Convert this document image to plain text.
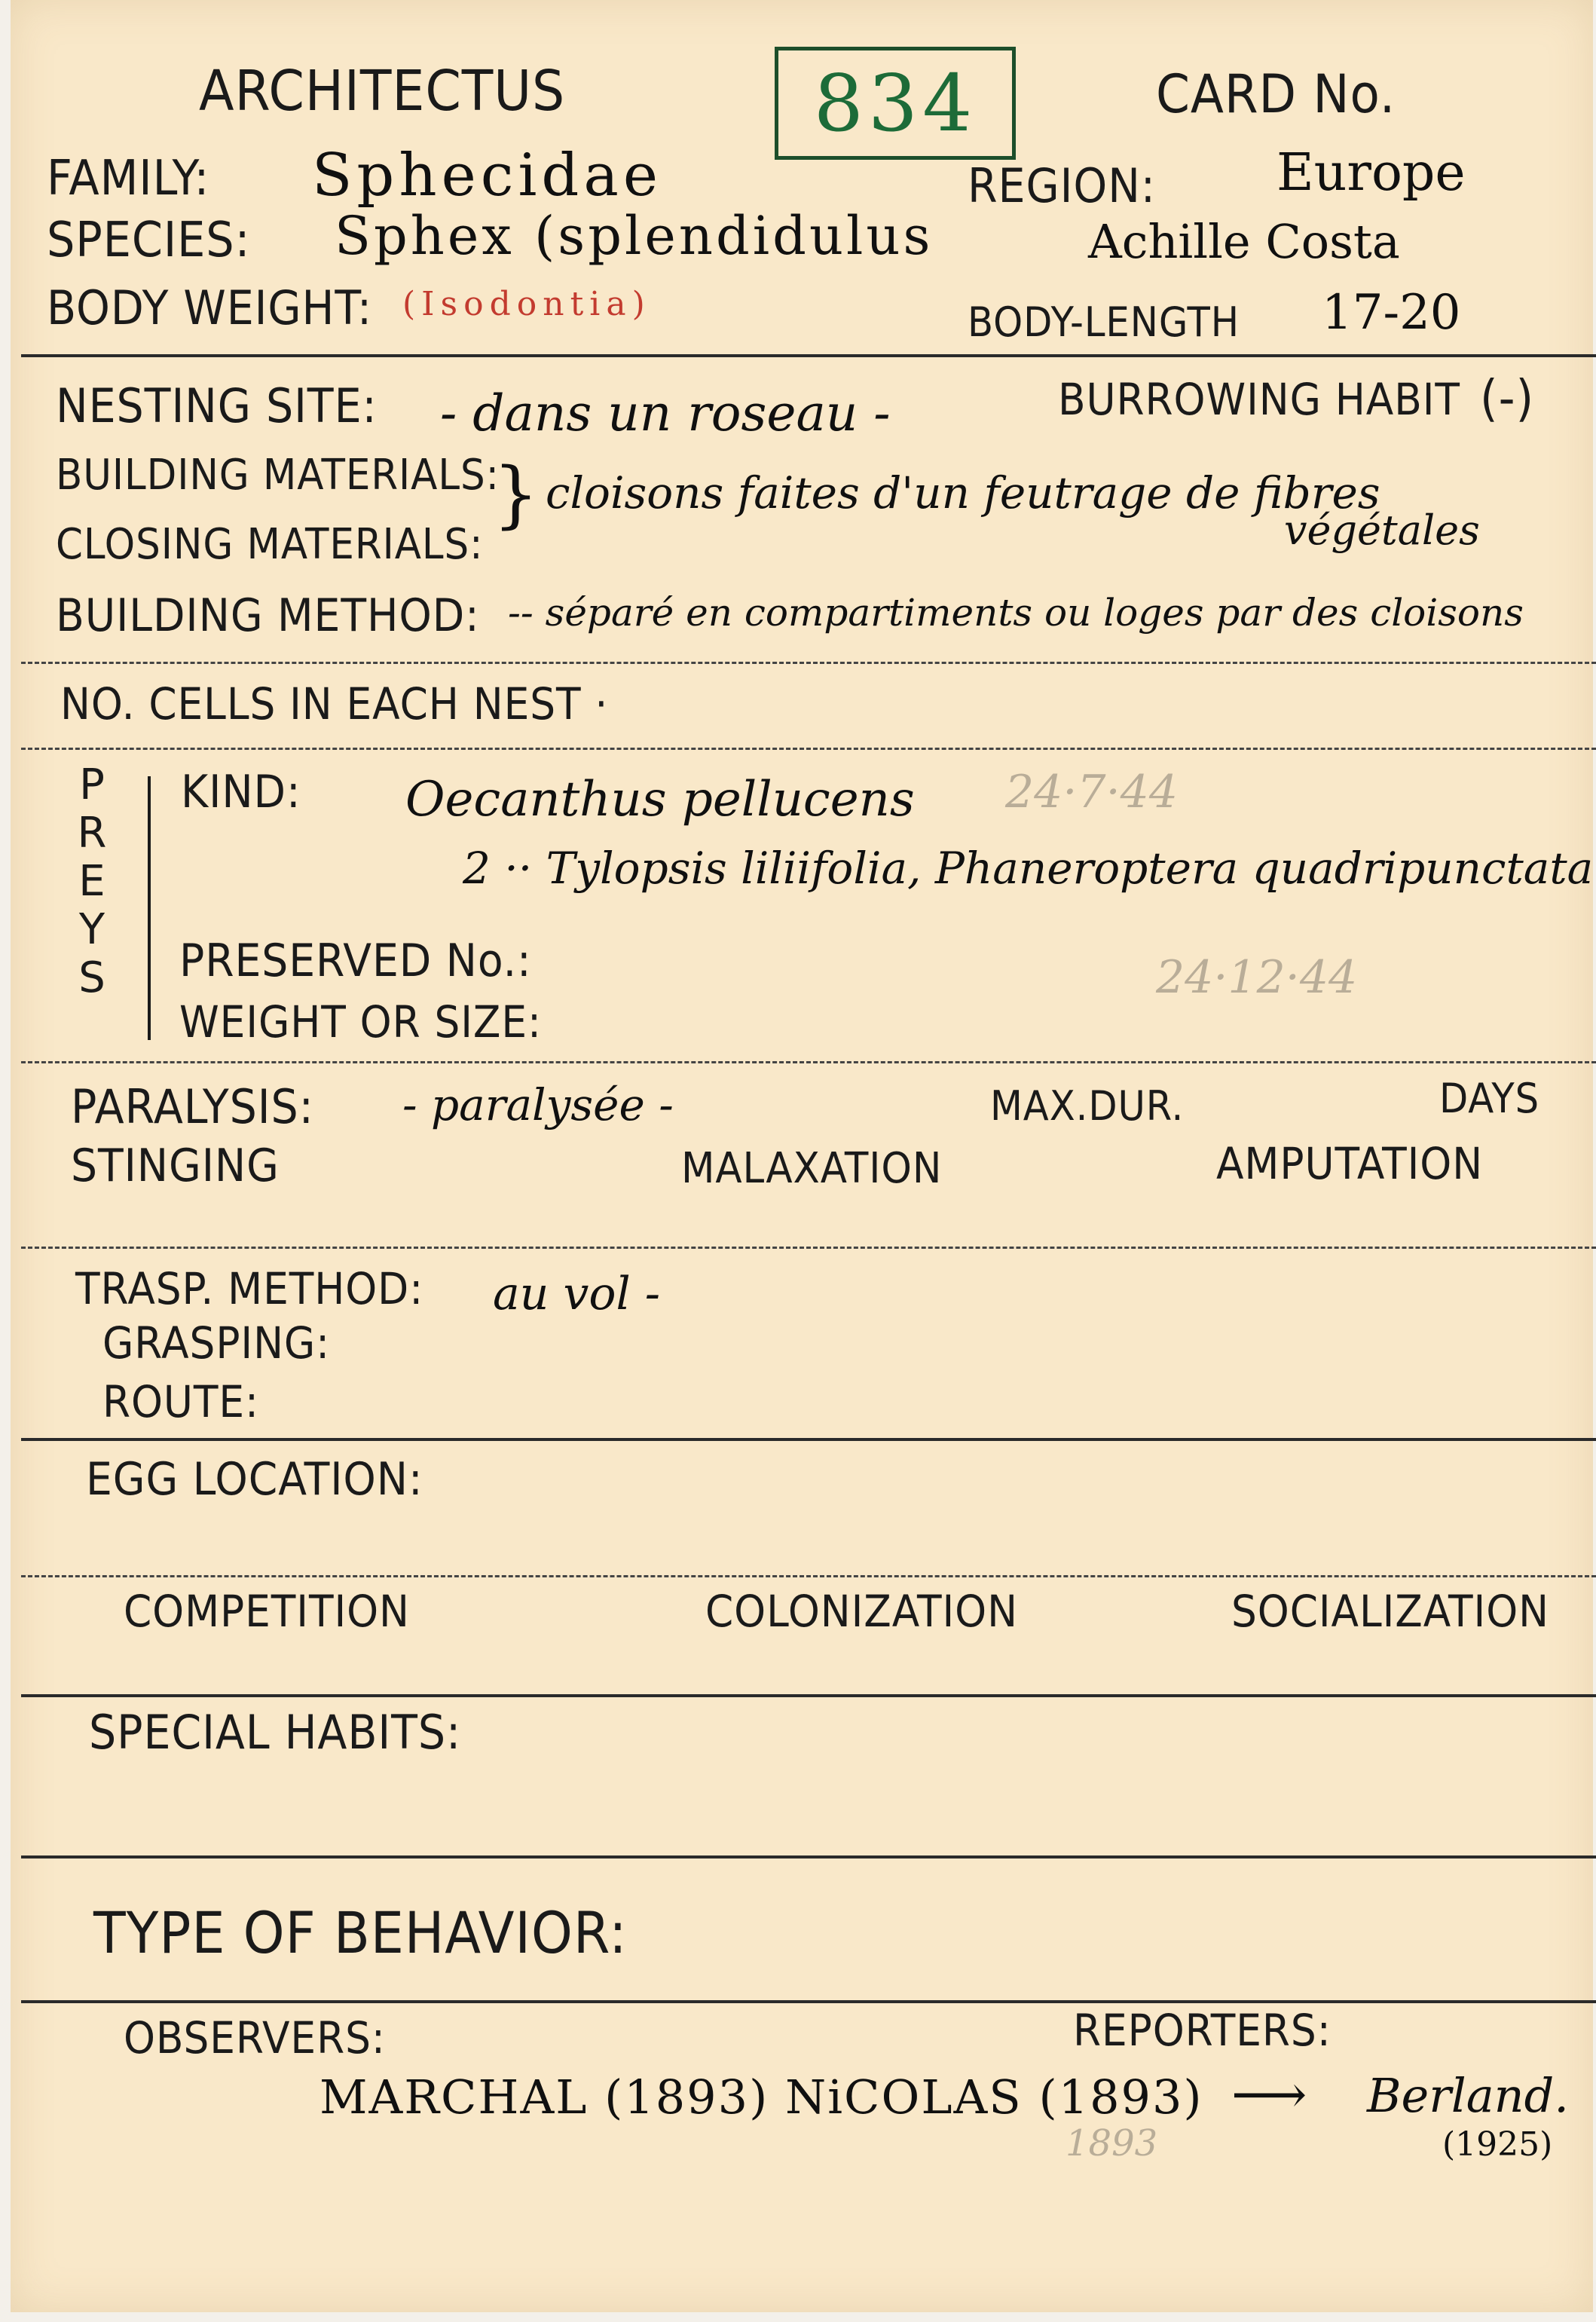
ARCHITECTUS	834	CARD No.
FAMILY: Sphecidae	REGION: Europe
SPECIES: Sphex (splendidulus	Achille Costa
BODY WEIGHT: (Isodontia)	BODY-LENGTH 17-20
NESTING SITE: - dans un roseau -	BURROWING HABIT (-)
BUILDING MATERIALS:
} cloisons faites d'un feutrage de fibres
végétales
CLOSING MATERIALS:
BUILDING METHOD: -- séparé en compartiments ou loges par des cloisons
NO. CELLS IN EACH NEST ·
PREYS
KIND: Oecanthus pellucens 24·7·44
2 ·· Tylopsis liliifolia, Phaneroptera quadripunctata
24·12·44
PRESERVED No.:
WEIGHT OR SIZE:
PARALYSIS: - paralysée -	MAX.DUR.	DAYS
STINGING	MALAXATION	AMPUTATION
TRASP. METHOD: au vol -
GRASPING:
ROUTE:
EGG LOCATION:
COMPETITION	COLONIZATION	SOCIALIZATION
SPECIAL HABITS:
TYPE OF BEHAVIOR:
OBSERVERS:	REPORTERS:
MARCHAL (1893) NiCOLAS (1893)
1893
⟶ Berland.
(1925)
